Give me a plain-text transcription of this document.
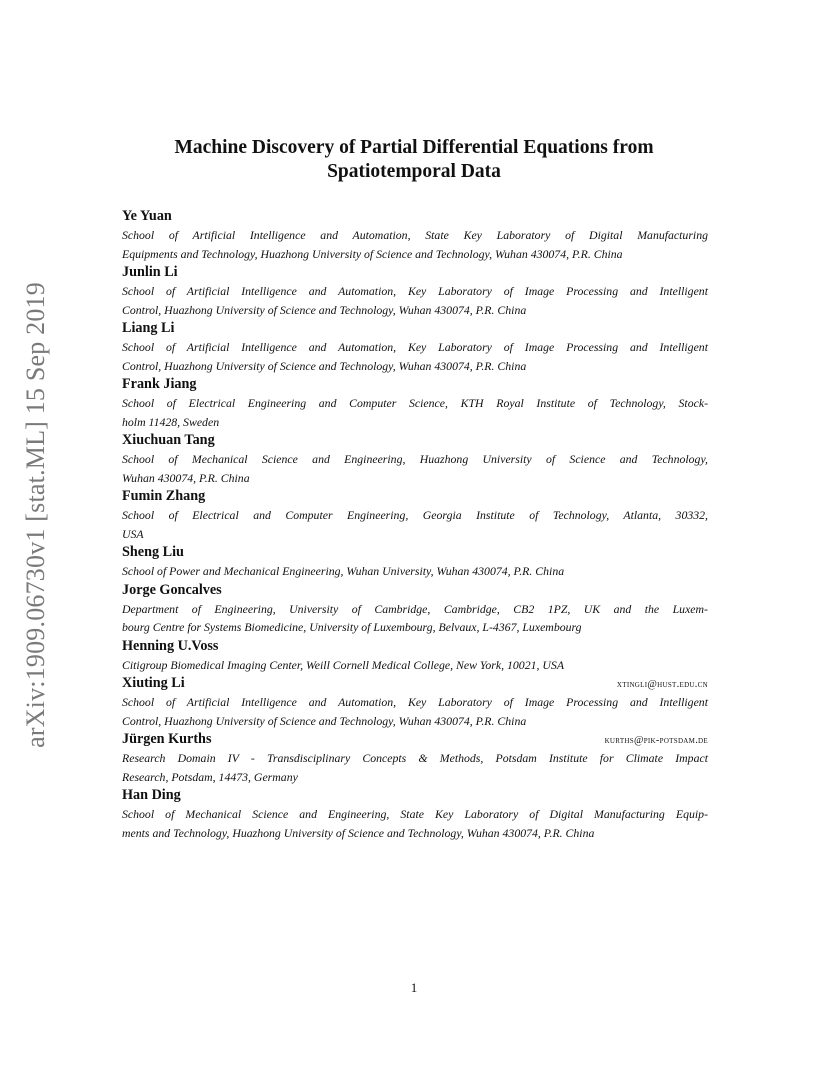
arXiv:1909.06730v1 [stat.ML] 15 Sep 2019
Machine Discovery of Partial Differential Equations from
Spatiotemporal Data
Ye Yuan

School of Artificial Intelligence and Automation, State Key Laboratory of Digital Manufacturing
Equipments and Technology, Huazhong University of Science and Technology, Wuhan 430074, P.R. China

Junlin Li

School of Artificial Intelligence and Automation, Key Laboratory of Image Processing and Intelligent
Control, Huazhong University of Science and Technology, Wuhan 430074, P.R. China

Liang Li

School of Artificial Intelligence and Automation, Key Laboratory of Image Processing and Intelligent
Control, Huazhong University of Science and Technology, Wuhan 430074, P.R. China

Frank Jiang

School of Electrical Engineering and Computer Science, KTH Royal Institute of Technology, Stock-
holm 11428, Sweden

Xiuchuan Tang

School of Mechanical Science and Engineering, Huazhong University of Science and Technology,
Wuhan 430074, P.R. China

Fumin Zhang

School of Electrical and Computer Engineering, Georgia Institute of Technology, Atlanta, 30332,
USA

Sheng Liu

School of Power and Mechanical Engineering, Wuhan University, Wuhan 430074, P.R. China

Jorge Goncalves

Department of Engineering, University of Cambridge, Cambridge, CB2 1PZ, UK and the Luxem-
bourg Centre for Systems Biomedicine, University of Luxembourg, Belvaux, L-4367, Luxembourg

Henning U.Voss

Citigroup Biomedical Imaging Center, Weill Cornell Medical College, New York, 10021, USA

Xiuting Li	xtingli@hust.edu.cn

School of Artificial Intelligence and Automation, Key Laboratory of Image Processing and Intelligent
Control, Huazhong University of Science and Technology, Wuhan 430074, P.R. China

Jürgen Kurths	kurths@pik-potsdam.de

Research Domain IV - Transdisciplinary Concepts & Methods, Potsdam Institute for Climate Impact
Research, Potsdam, 14473, Germany

Han Ding

School of Mechanical Science and Engineering, State Key Laboratory of Digital Manufacturing Equip-
ments and Technology, Huazhong University of Science and Technology, Wuhan 430074, P.R. China

1
